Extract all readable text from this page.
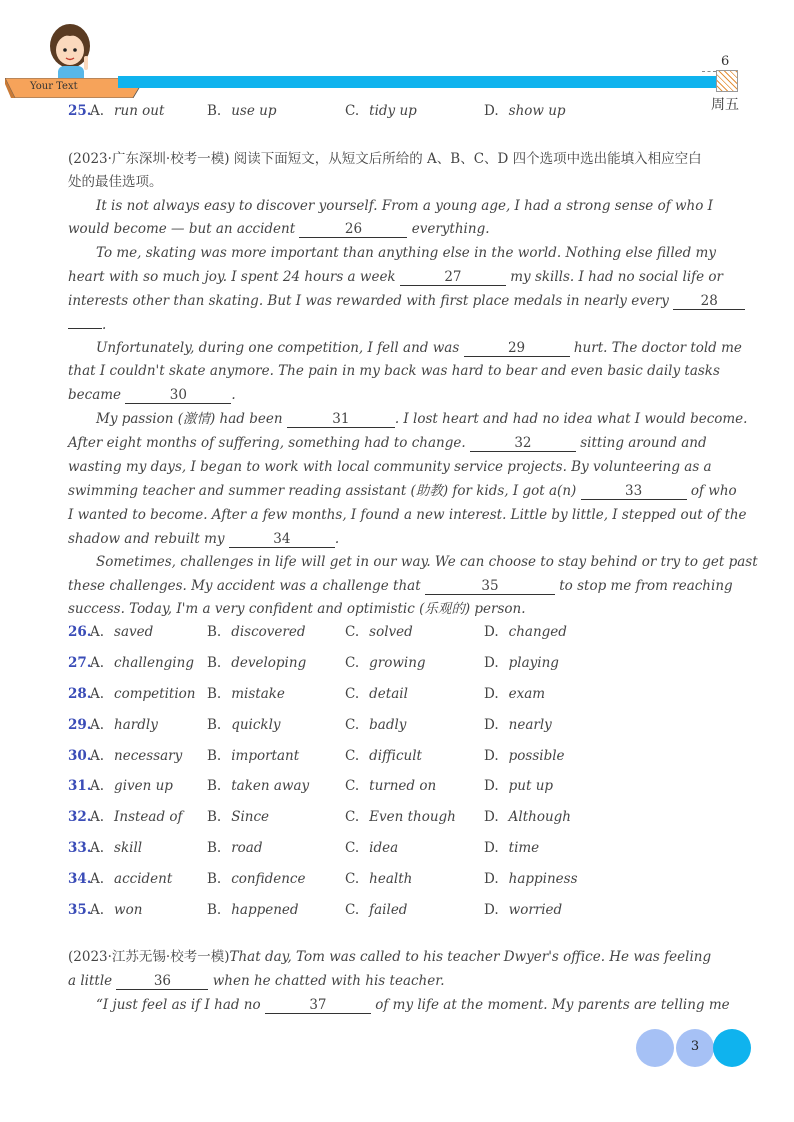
Your Text
6
周五
25.
A. run out	B. use up	C. tidy up	D. show up
(2023·广东深圳·校考一模) 阅读下面短文，从短文后所给的 A、B、C、D 四个选项中选出能填入相应空白
处的最佳选项。
It is not always easy to discover yourself. From a young age, I had a strong sense of who I
would become — but an accident	26	everything.
To me, skating was more important than anything else in the world. Nothing else filled my
heart with so much joy. I spent 24 hours a week	27	my skills. I had no social life or
interests other than skating. But I was rewarded with first place medals in nearly every 28
.
Unfortunately, during one competition, I fell and was	29	hurt. The doctor told me
that I couldn't skate anymore. The pain in my back was hard to bear and even basic daily tasks
became	30	.
My passion (激情) had been	31	. I lost heart and had no idea what I would become.
After eight months of suffering, something had to change.	32	sitting around and
wasting my days, I began to work with local community service projects. By volunteering as a
swimming teacher and summer reading assistant (助教) for kids, I got a(n)	33	of who
I wanted to become. After a few months, I found a new interest. Little by little, I stepped out of the
shadow and rebuilt my	34	.
Sometimes, challenges in life will get in our way. We can choose to stay behind or try to get past
these challenges. My accident was a challenge that	35	to stop me from reaching
success. Today, I'm a very confident and optimistic (乐观的) person.
26.
A. saved	B. discovered	C. solved	D. changed
27.
A. challenging B. developing	C. growing	D. playing
28.
A. competition B. mistake	C. detail	D. exam
29.
A. hardly	B. quickly	C. badly	D. nearly
30.
A. necessary B. important	C. difficult	D. possible
31.
A. given up	B. taken away	C. turned on	D. put up
32.
A. Instead of B. Since	C. Even though D. Although
33.
A. skill	B. road	C. idea	D. time
34.
A. accident	B. confidence	C. health	D. happiness
35.
A. won	B. happened	C. failed	D. worried
(2023·江苏无锡·校考一模)That day, Tom was called to his teacher Dwyer's office. He was feeling
a little	36	when he chatted with his teacher.
“I just feel as if I had no	37	of my life at the moment. My parents are telling me
3
